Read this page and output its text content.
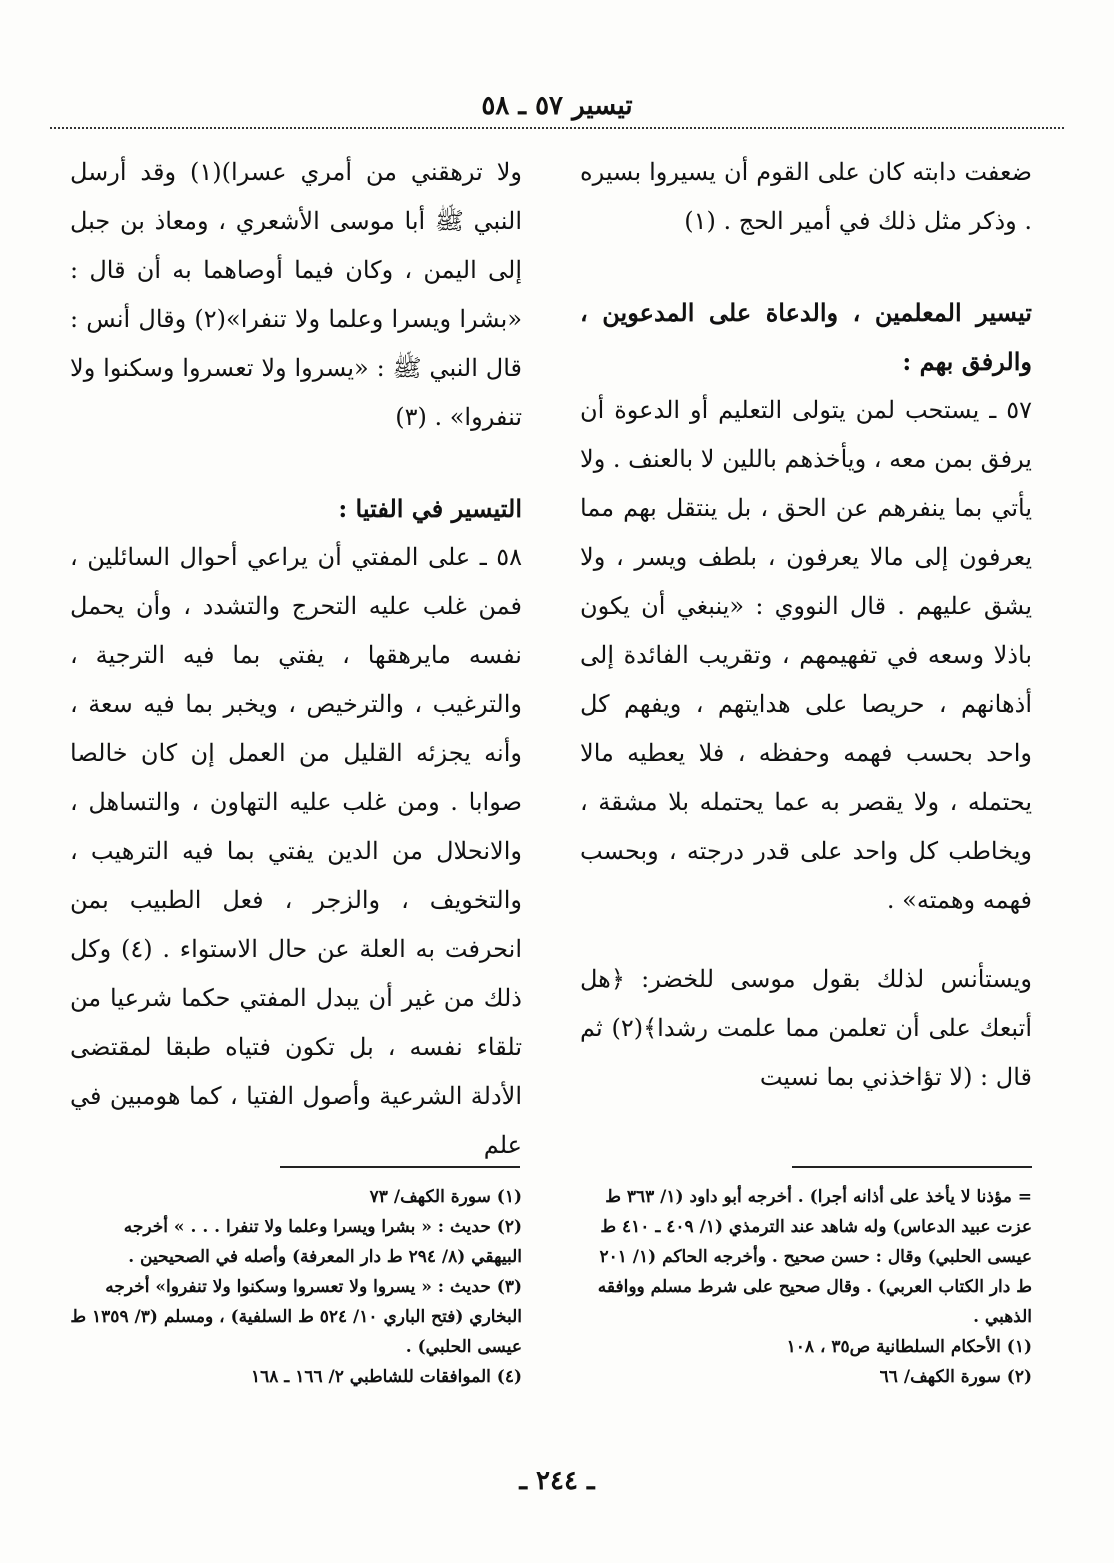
تيسير ٥٧ ـ ٥٨

ضعفت دابته كان على القوم أن يسيروا بسيره . وذكر مثل ذلك في أمير الحج . (١)

تيسير المعلمين ، والدعاة على المدعوين ، والرفق بهم :

٥٧ ـ يستحب لمن يتولى التعليم أو الدعوة أن يرفق بمن معه ، ويأخذهم باللين لا بالعنف . ولا يأتي بما ينفرهم عن الحق ، بل ينتقل بهم مما يعرفون إلى مالا يعرفون ، بلطف ويسر ، ولا يشق عليهم . قال النووي : «ينبغي أن يكون باذلا وسعه في تفهيمهم ، وتقريب الفائدة إلى أذهانهم ، حريصا على هدايتهم ، ويفهم كل واحد بحسب فهمه وحفظه ، فلا يعطيه مالا يحتمله ، ولا يقصر به عما يحتمله بلا مشقة ، ويخاطب كل واحد على قدر درجته ، وبحسب فهمه وهمته» .

ويستأنس لذلك بقول موسى للخضر: ﴿هل أتبعك على أن تعلمن مما علمت رشدا﴾(٢) ثم قال : (لا تؤاخذني بما نسيت

ولا ترهقني من أمري عسرا)(١) وقد أرسل النبي ﷺ أبا موسى الأشعري ، ومعاذ بن جبل إلى اليمن ، وكان فيما أوصاهما به أن قال : «بشرا ويسرا وعلما ولا تنفرا»(٢) وقال أنس : قال النبي ﷺ : «يسروا ولا تعسروا وسكنوا ولا تنفروا» . (٣)

التيسير في الفتيا :

٥٨ ـ على المفتي أن يراعي أحوال السائلين ، فمن غلب عليه التحرج والتشدد ، وأن يحمل نفسه مايرهقها ، يفتي بما فيه الترجية ، والترغيب ، والترخيص ، ويخبر بما فيه سعة ، وأنه يجزئه القليل من العمل إن كان خالصا صوابا . ومن غلب عليه التهاون ، والتساهل ، والانحلال من الدين يفتي بما فيه الترهيب ، والتخويف ، والزجر ، فعل الطبيب بمن انحرفت به العلة عن حال الاستواء . (٤) وكل ذلك من غير أن يبدل المفتي حكما شرعيا من تلقاء نفسه ، بل تكون فتياه طبقا لمقتضى الأدلة الشرعية وأصول الفتيا ، كما هومبين في علم

= مؤذنا لا يأخذ على أذانه أجرا) . أخرجه أبو داود (١/ ٣٦٣ ط عزت عبيد الدعاس) وله شاهد عند الترمذي (١/ ٤٠٩ ـ ٤١٠ ط عيسى الحلبي) وقال : حسن صحيح . وأخرجه الحاكم (١/ ٢٠١ ط دار الكتاب العربي) . وقال صحيح على شرط مسلم ووافقه الذهبي .

(١) الأحكام السلطانية ص٣٥ ، ١٠٨

(٢) سورة الكهف/ ٦٦

(١) سورة الكهف/ ٧٣

(٢) حديث : « بشرا ويسرا وعلما ولا تنفرا . . . » أخرجه البيهقي (٨/ ٢٩٤ ط دار المعرفة) وأصله في الصحيحين .

(٣) حديث : « يسروا ولا تعسروا وسكنوا ولا تنفروا» أخرجه البخاري (فتح الباري ١٠/ ٥٢٤ ط السلفية) ، ومسلم (٣/ ١٣٥٩ ط عيسى الحلبي) .

(٤) الموافقات للشاطبي ٢/ ١٦٦ ـ ١٦٨

ـ ٢٤٤ ـ
